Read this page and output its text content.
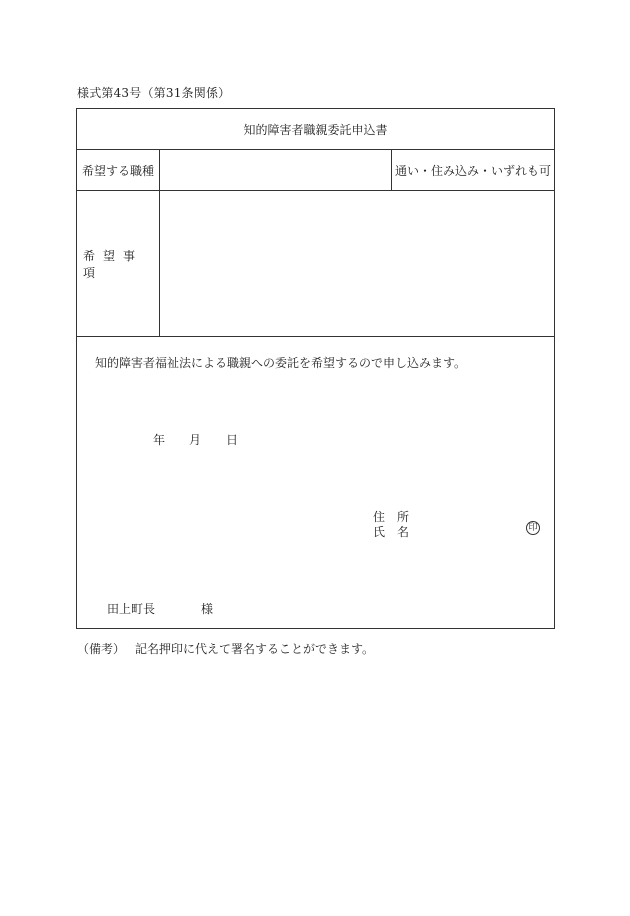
様式第43号（第31条関係）
知的障害者職親委託申込書
希望する職種	通い・住み込み・いずれも可
希望事項
知的障害者福祉法による職親への委託を希望するので申し込みます。
年 月 日
住所
氏名	印
田上町長	様
（備考） 記名押印に代えて署名することができます。
